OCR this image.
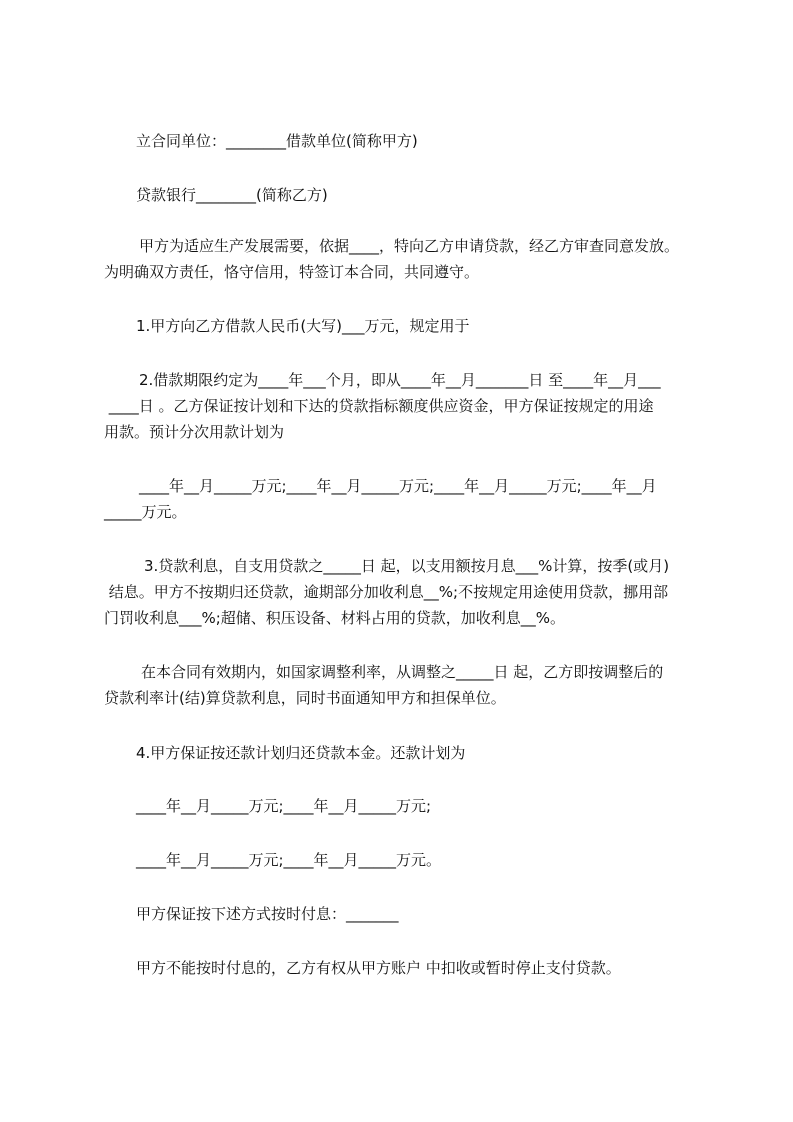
立合同单位：________借款单位(简称甲方)
贷款银行________(简称乙方)
甲方为适应生产发展需要，依据____，特向乙方申请贷款，经乙方审查同意发放。
为明确双方责任，恪守信用，特签订本合同，共同遵守。
1.甲方向乙方借款人民币(大写)___万元，规定用于
2.借款期限约定为____年___个月，即从____年__月_______日 至____年__月___
____日 。乙方保证按计划和下达的贷款指标额度供应资金，甲方保证按规定的用途
用款。预计分次用款计划为
____年__月_____万元;____年__月_____万元;____年__月_____万元;____年__月
_____万元。
3.贷款利息，自支用贷款之_____日 起，以支用额按月息___%计算，按季(或月)
结息。甲方不按期归还贷款，逾期部分加收利息__%;不按规定用途使用贷款，挪用部
门罚收利息___%;超储、积压设备、材料占用的贷款，加收利息__%。
在本合同有效期内，如国家调整利率，从调整之_____日 起，乙方即按调整后的
贷款利率计(结)算贷款利息，同时书面通知甲方和担保单位。
4.甲方保证按还款计划归还贷款本金。还款计划为
____年__月_____万元;____年__月_____万元;
____年__月_____万元;____年__月_____万元。
甲方保证按下述方式按时付息：_______
甲方不能按时付息的，乙方有权从甲方账户 中扣收或暂时停止支付贷款。
